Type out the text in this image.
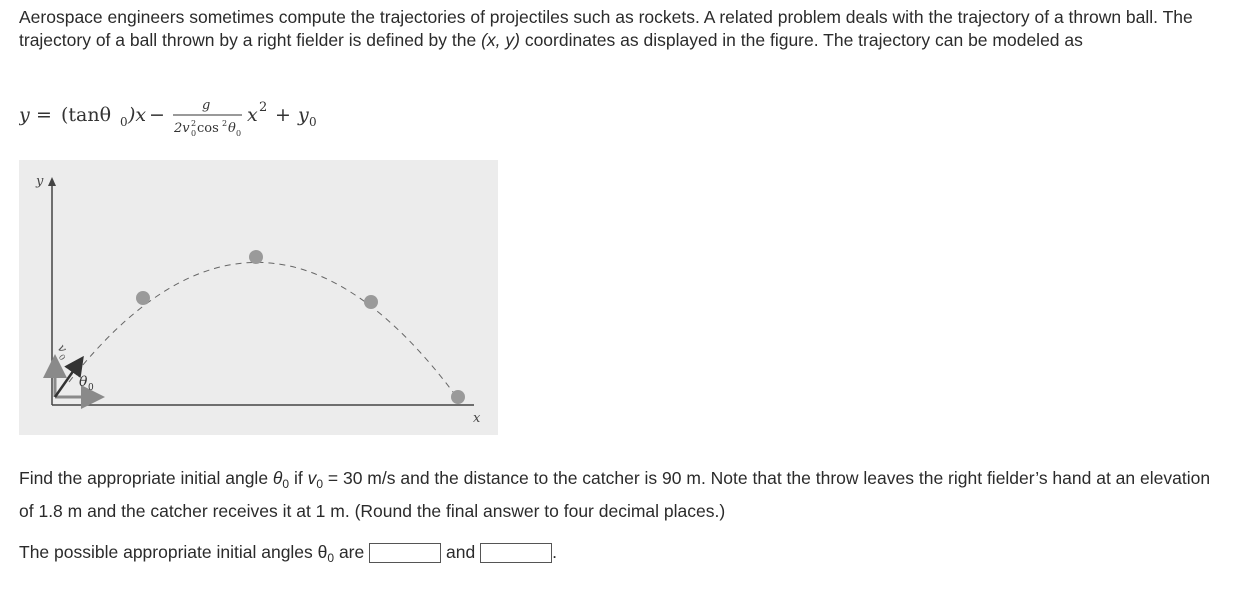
Aerospace engineers sometimes compute the trajectories of projectiles such as rockets. A related problem deals with the trajectory of a thrown ball. The trajectory of a ball thrown by a right fielder is defined by the (x, y) coordinates as displayed in the figure. The trajectory can be modeled as
y = (tanθ 0 )x −	g
2v 0
2 cos 2 θ 0
x 2 + y 0
y
x
v
0
θ 0
Find the appropriate initial angle $\theta_0$ if $v_0 = 30$ m/s and the distance to the catcher is 90 m. Note that the throw leaves the right fielder’s hand at an elevation of 1.8 m and the catcher receives it at 1 m. (Round the final answer to four decimal places.)
The possible appropriate initial angles $\theta_0$ are	and	.
